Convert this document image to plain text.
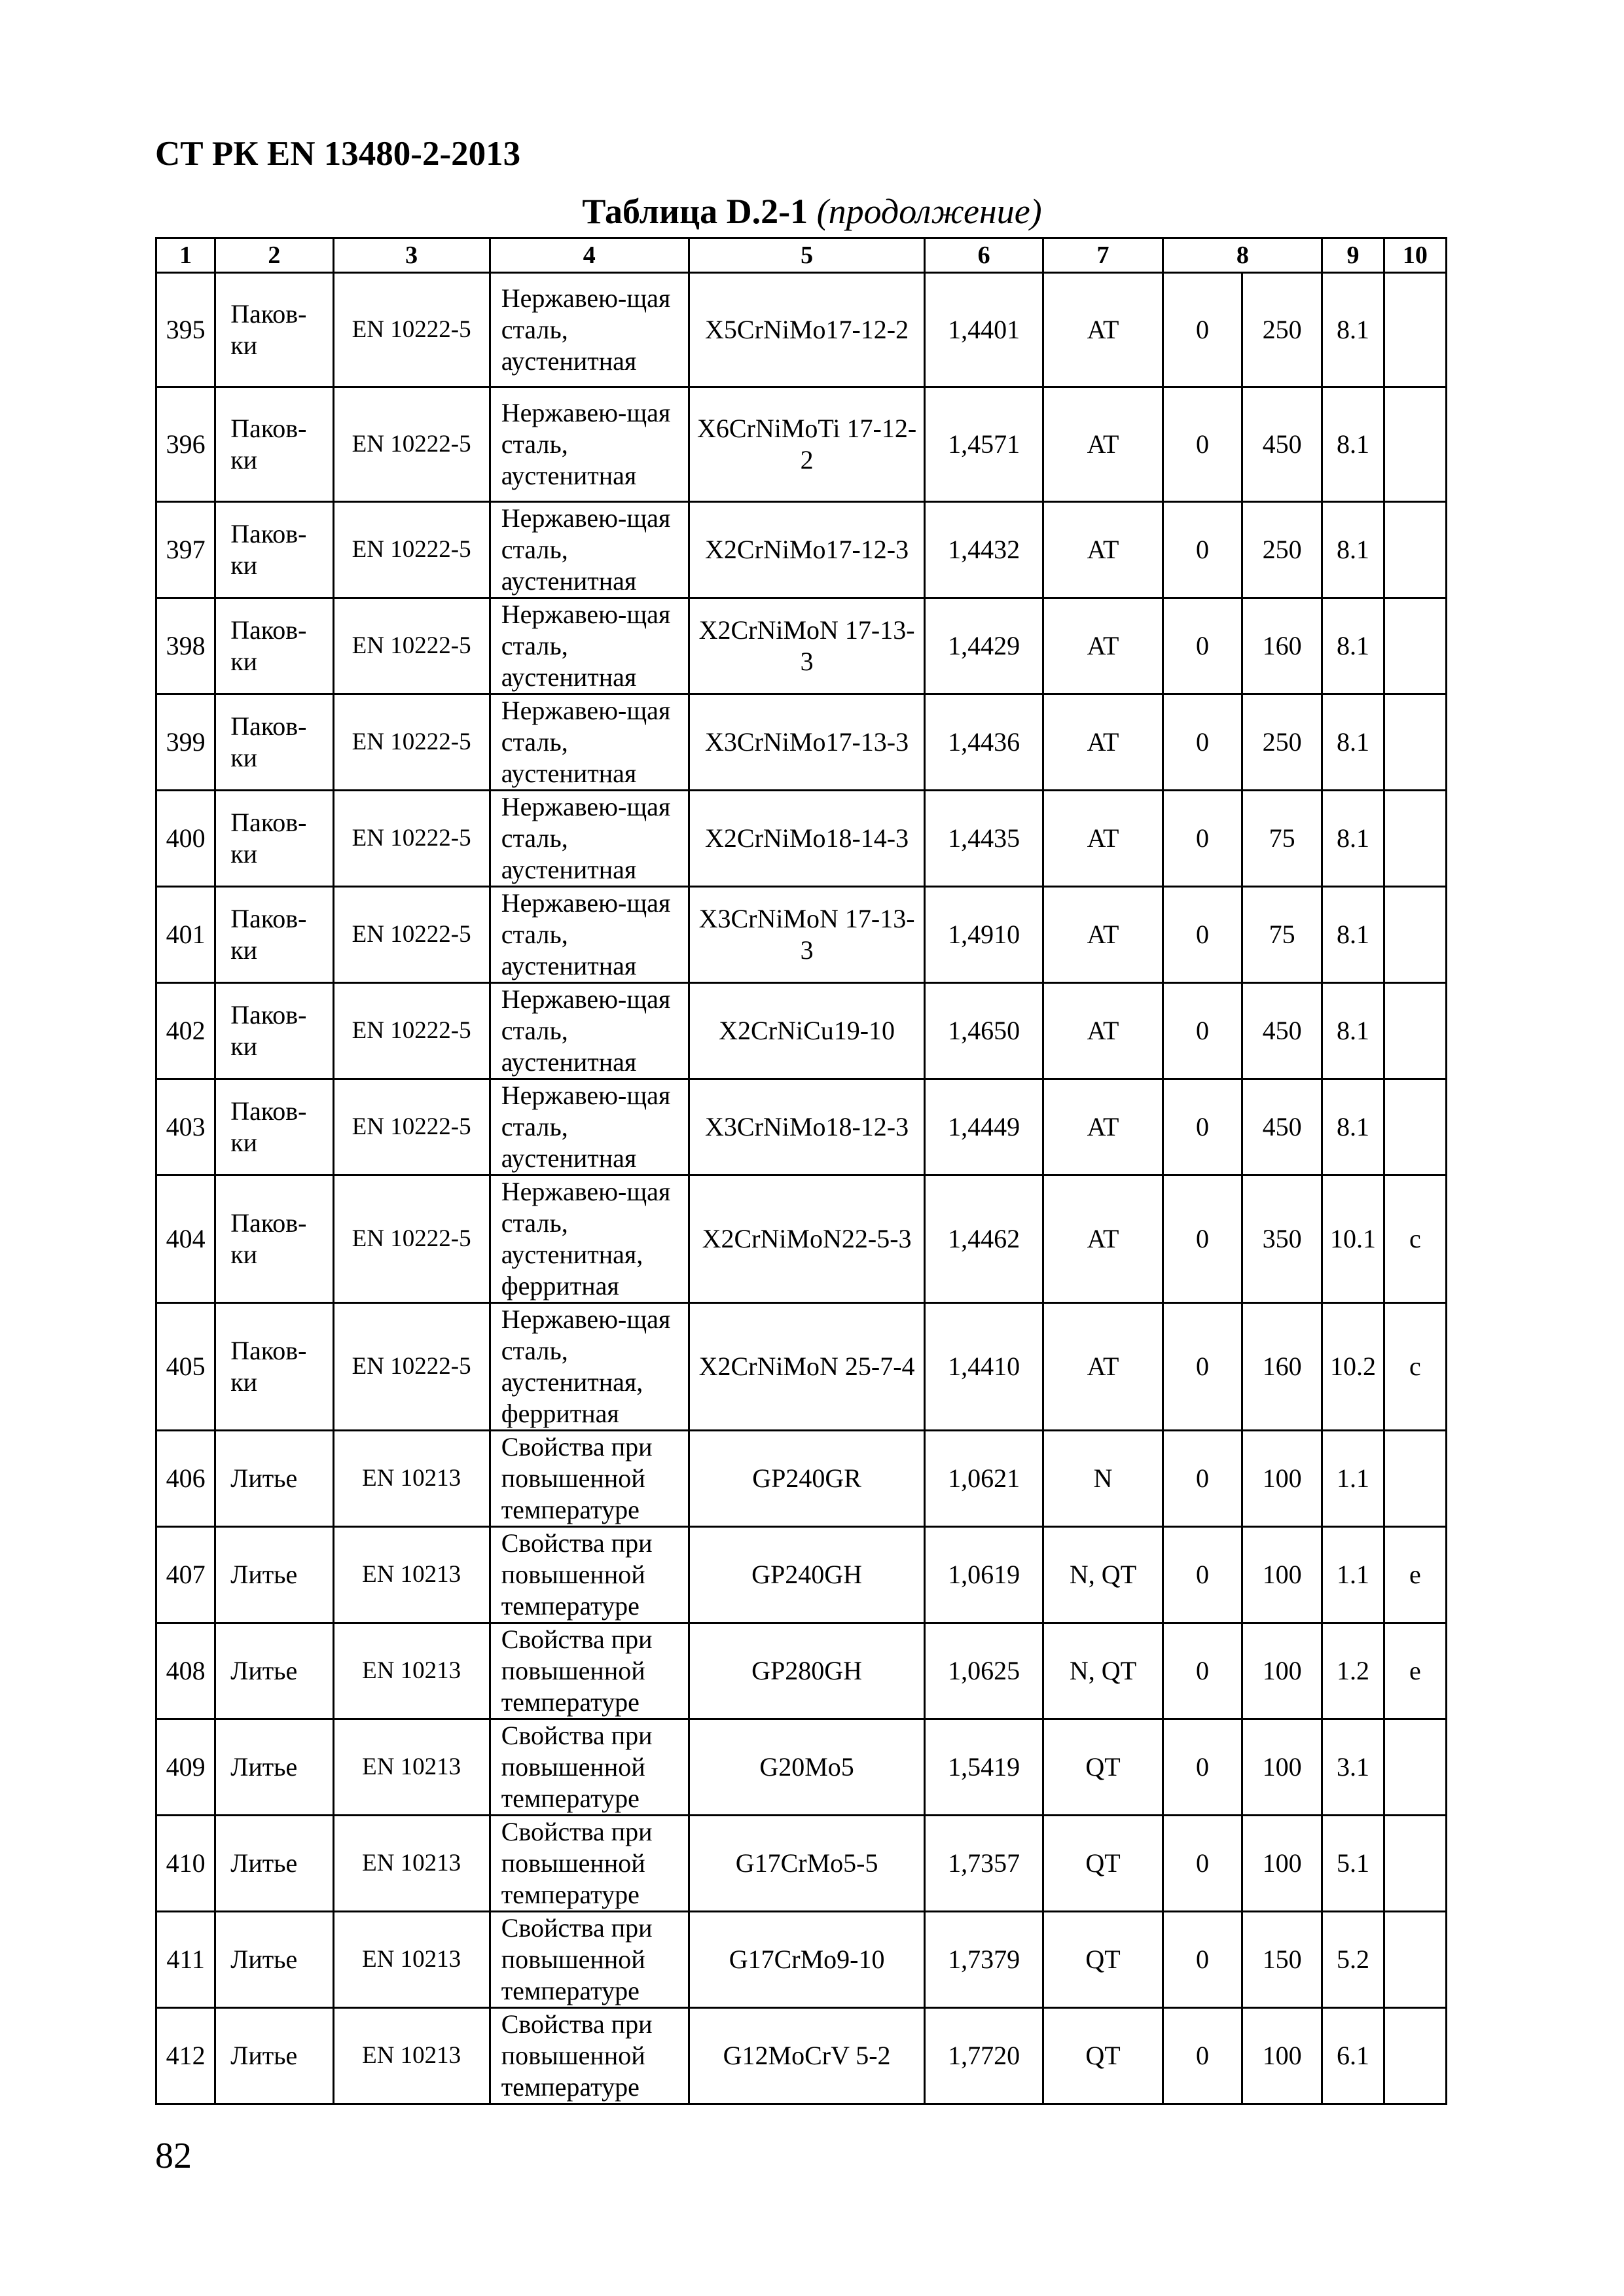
СТ РК EN 13480-2-2013
Таблица D.2-1 (продолжение)
1	2	3	4	5	6	7	8		9	10
395	Паков-ки	EN 10222-5	Нержавею-щая сталь, аустенитная	X5CrNiMo17-12-2	1,4401	AT	0	250	8.1	
396	Паков-ки	EN 10222-5	Нержавею-щая сталь, аустенитная	X6CrNiMoTi 17-12-2	1,4571	AT	0	450	8.1	
397	Паков-ки	EN 10222-5	Нержавею-щая сталь, аустенитная	X2CrNiMo17-12-3	1,4432	AT	0	250	8.1	
398	Паков-ки	EN 10222-5	Нержавею-щая сталь, аустенитная	X2CrNiMoN 17-13-3	1,4429	AT	0	160	8.1	
399	Паков-ки	EN 10222-5	Нержавею-щая сталь, аустенитная	X3CrNiMo17-13-3	1,4436	AT	0	250	8.1	
400	Паков-ки	EN 10222-5	Нержавею-щая сталь, аустенитная	X2CrNiMo18-14-3	1,4435	AT	0	75	8.1	
401	Паков-ки	EN 10222-5	Нержавею-щая сталь, аустенитная	X3CrNiMoN 17-13-3	1,4910	AT	0	75	8.1	
402	Паков-ки	EN 10222-5	Нержавею-щая сталь, аустенитная	X2CrNiCu19-10	1,4650	AT	0	450	8.1	
403	Паков-ки	EN 10222-5	Нержавею-щая сталь, аустенитная	X3CrNiMo18-12-3	1,4449	AT	0	450	8.1	
404	Паков-ки	EN 10222-5	Нержавею-щая сталь, аустенитная, ферритная	X2CrNiMoN22-5-3	1,4462	AT	0	350	10.1	c
405	Паков-ки	EN 10222-5	Нержавею-щая сталь, аустенитная, ферритная	X2CrNiMoN 25-7-4	1,4410	AT	0	160	10.2	c
406	Литье	EN 10213	Свойства при повышенной температуре	GP240GR	1,0621	N	0	100	1.1	
407	Литье	EN 10213	Свойства при повышенной температуре	GP240GH	1,0619	N, QT	0	100	1.1	e
408	Литье	EN 10213	Свойства при повышенной температуре	GP280GH	1,0625	N, QT	0	100	1.2	e
409	Литье	EN 10213	Свойства при повышенной температуре	G20Mo5	1,5419	QT	0	100	3.1	
410	Литье	EN 10213	Свойства при повышенной температуре	G17CrMo5-5	1,7357	QT	0	100	5.1	
411	Литье	EN 10213	Свойства при повышенной температуре	G17CrMo9-10	1,7379	QT	0	150	5.2	
412	Литье	EN 10213	Свойства при повышенной температуре	G12MoCrV 5-2	1,7720	QT	0	100	6.1	
82
